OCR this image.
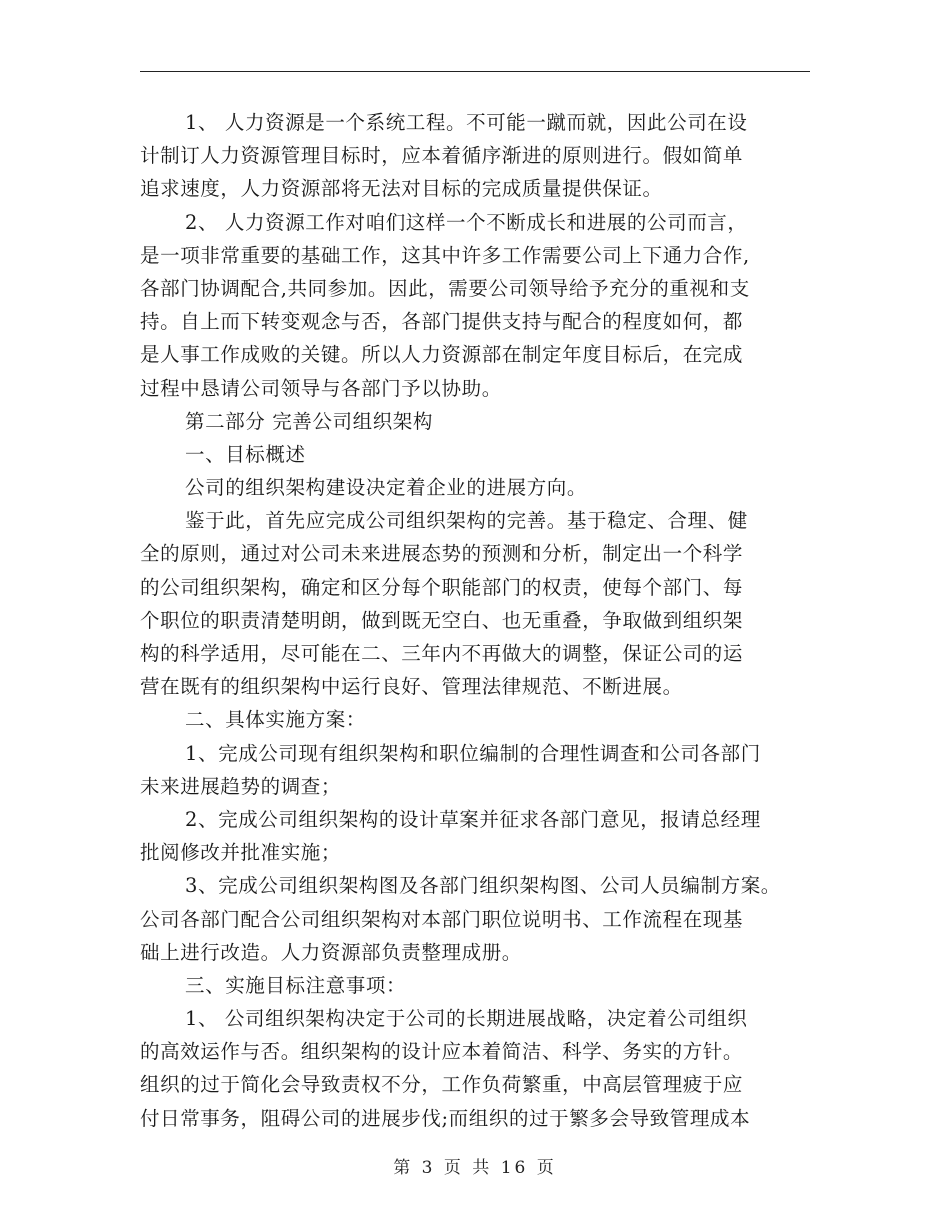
1、 人力资源是一个系统工程。不可能一蹴而就，因此公司在设
计制订人力资源管理目标时，应本着循序渐进的原则进行。假如简单
追求速度，人力资源部将无法对目标的完成质量提供保证。
2、 人力资源工作对咱们这样一个不断成长和进展的公司而言，
是一项非常重要的基础工作，这其中许多工作需要公司上下通力合作,
各部门协调配合,共同参加。因此，需要公司领导给予充分的重视和支
持。自上而下转变观念与否，各部门提供支持与配合的程度如何，都
是人事工作成败的关键。所以人力资源部在制定年度目标后，在完成
过程中恳请公司领导与各部门予以协助。
第二部分 完善公司组织架构
一、目标概述
公司的组织架构建设决定着企业的进展方向。
鉴于此，首先应完成公司组织架构的完善。基于稳定、合理、健
全的原则，通过对公司未来进展态势的预测和分析，制定出一个科学
的公司组织架构，确定和区分每个职能部门的权责，使每个部门、每
个职位的职责清楚明朗，做到既无空白、也无重叠，争取做到组织架
构的科学适用，尽可能在二、三年内不再做大的调整，保证公司的运
营在既有的组织架构中运行良好、管理法律规范、不断进展。
二、具体实施方案：
1、完成公司现有组织架构和职位编制的合理性调查和公司各部门
未来进展趋势的调查；
2、完成公司组织架构的设计草案并征求各部门意见，报请总经理
批阅修改并批准实施；
3、完成公司组织架构图及各部门组织架构图、公司人员编制方案。
公司各部门配合公司组织架构对本部门职位说明书、工作流程在现基
础上进行改造。人力资源部负责整理成册。
三、实施目标注意事项：
1、 公司组织架构决定于公司的长期进展战略，决定着公司组织
的高效运作与否。组织架构的设计应本着简洁、科学、务实的方针。
组织的过于简化会导致责权不分，工作负荷繁重，中高层管理疲于应
付日常事务，阻碍公司的进展步伐;而组织的过于繁多会导致管理成本
第 3 页 共 16 页
